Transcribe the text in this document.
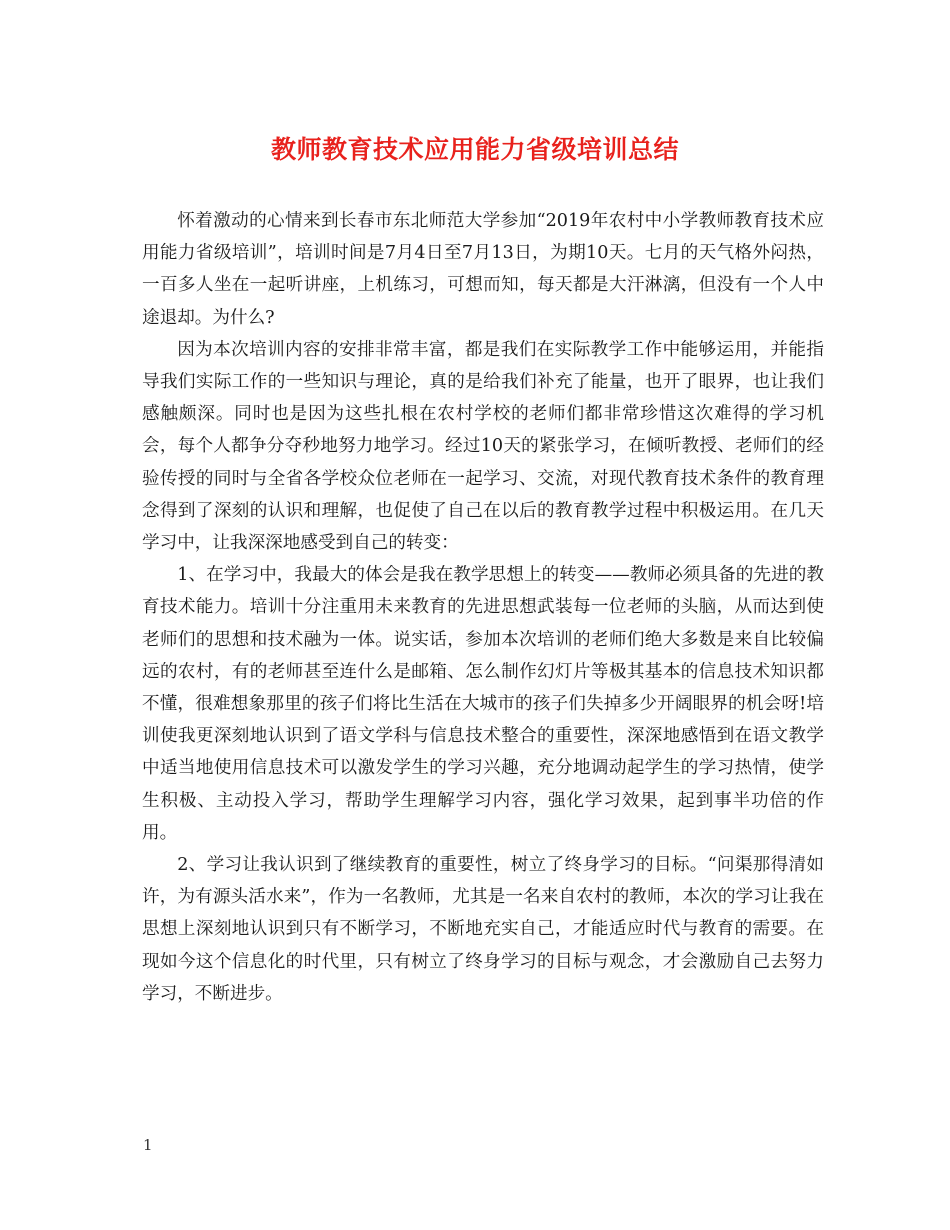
教师教育技术应用能力省级培训总结

怀着激动的心情来到长春市东北师范大学参加“2019年农村中小学教师教育技术应用能力省级培训”，培训时间是7月4日至7月13日，为期10天。七月的天气格外闷热，一百多人坐在一起听讲座，上机练习，可想而知，每天都是大汗淋漓，但没有一个人中途退却。为什么?

因为本次培训内容的安排非常丰富，都是我们在实际教学工作中能够运用，并能指导我们实际工作的一些知识与理论，真的是给我们补充了能量，也开了眼界，也让我们感触颇深。同时也是因为这些扎根在农村学校的老师们都非常珍惜这次难得的学习机会，每个人都争分夺秒地努力地学习。经过10天的紧张学习，在倾听教授、老师们的经验传授的同时与全省各学校众位老师在一起学习、交流，对现代教育技术条件的教育理念得到了深刻的认识和理解，也促使了自己在以后的教育教学过程中积极运用。在几天学习中，让我深深地感受到自己的转变：

1、在学习中，我最大的体会是我在教学思想上的转变——教师必须具备的先进的教育技术能力。培训十分注重用未来教育的先进思想武装每一位老师的头脑，从而达到使老师们的思想和技术融为一体。说实话，参加本次培训的老师们绝大多数是来自比较偏远的农村，有的老师甚至连什么是邮箱、怎么制作幻灯片等极其基本的信息技术知识都不懂，很难想象那里的孩子们将比生活在大城市的孩子们失掉多少开阔眼界的机会呀!培训使我更深刻地认识到了语文学科与信息技术整合的重要性，深深地感悟到在语文教学中适当地使用信息技术可以激发学生的学习兴趣，充分地调动起学生的学习热情，使学生积极、主动投入学习，帮助学生理解学习内容，强化学习效果，起到事半功倍的作用。

2、学习让我认识到了继续教育的重要性，树立了终身学习的目标。“问渠那得清如许，为有源头活水来”，作为一名教师，尤其是一名来自农村的教师，本次的学习让我在思想上深刻地认识到只有不断学习，不断地充实自己，才能适应时代与教育的需要。在现如今这个信息化的时代里，只有树立了终身学习的目标与观念，才会激励自己去努力学习，不断进步。

1
